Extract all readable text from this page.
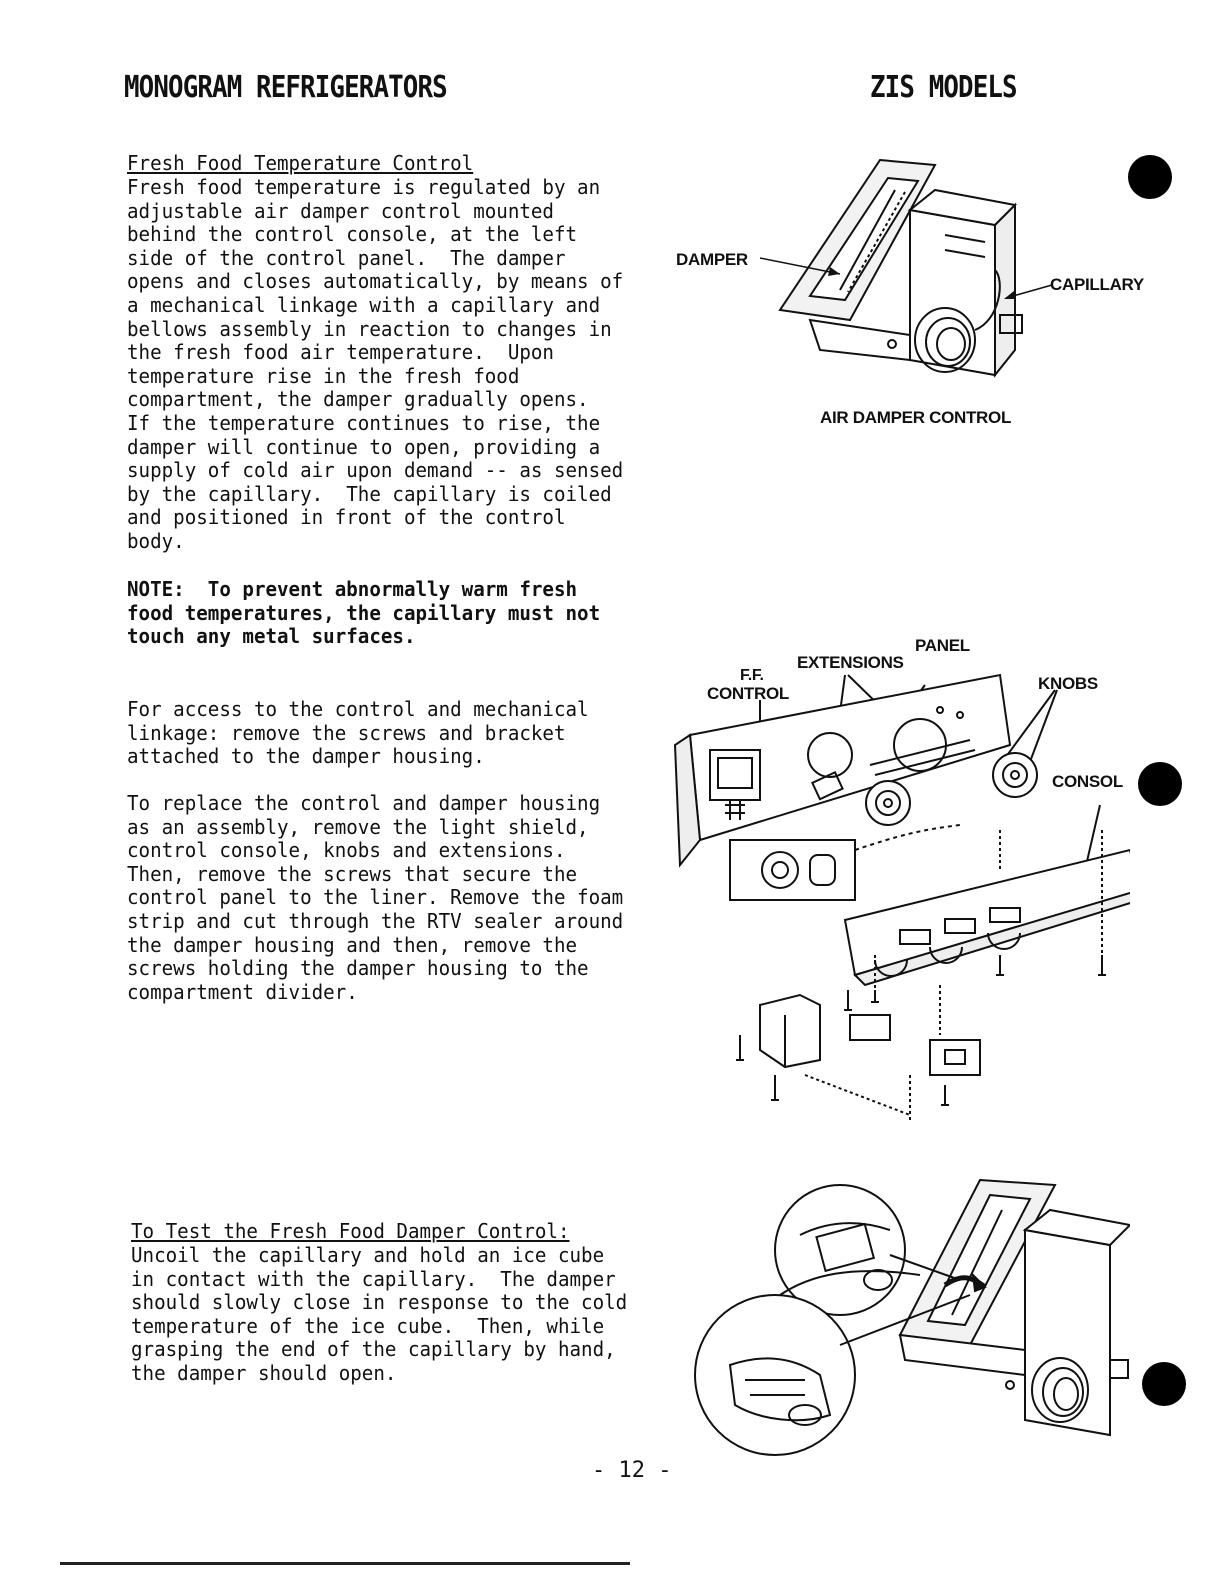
MONOGRAM REFRIGERATORS	ZIS MODELS
Fresh Food Temperature Control
Fresh food temperature is regulated by an
adjustable air damper control mounted
behind the control console, at the left
side of the control panel.  The damper
opens and closes automatically, by means of
a mechanical linkage with a capillary and
bellows assembly in reaction to changes in
the fresh food air temperature.  Upon
temperature rise in the fresh food
compartment, the damper gradually opens.
If the temperature continues to rise, the
damper will continue to open, providing a
supply of cold air upon demand -- as sensed
by the capillary.  The capillary is coiled
and positioned in front of the control
body.
NOTE:  To prevent abnormally warm fresh
food temperatures, the capillary must not
touch any metal surfaces.
For access to the control and mechanical
linkage: remove the screws and bracket
attached to the damper housing.
To replace the control and damper housing
as an assembly, remove the light shield,
control console, knobs and extensions.
Then, remove the screws that secure the
control panel to the liner. Remove the foam
strip and cut through the RTV sealer around
the damper housing and then, remove the
screws holding the damper housing to the
compartment divider.
To Test the Fresh Food Damper Control:
Uncoil the capillary and hold an ice cube
in contact with the capillary.  The damper
should slowly close in response to the cold
temperature of the ice cube.  Then, while
grasping the end of the capillary by hand,
the damper should open.
DAMPER
CAPILLARY
AIR DAMPER CONTROL
PANEL
EXTENSIONS
F.F.
CONTROL
KNOBS
CONSOL
- 12 -
